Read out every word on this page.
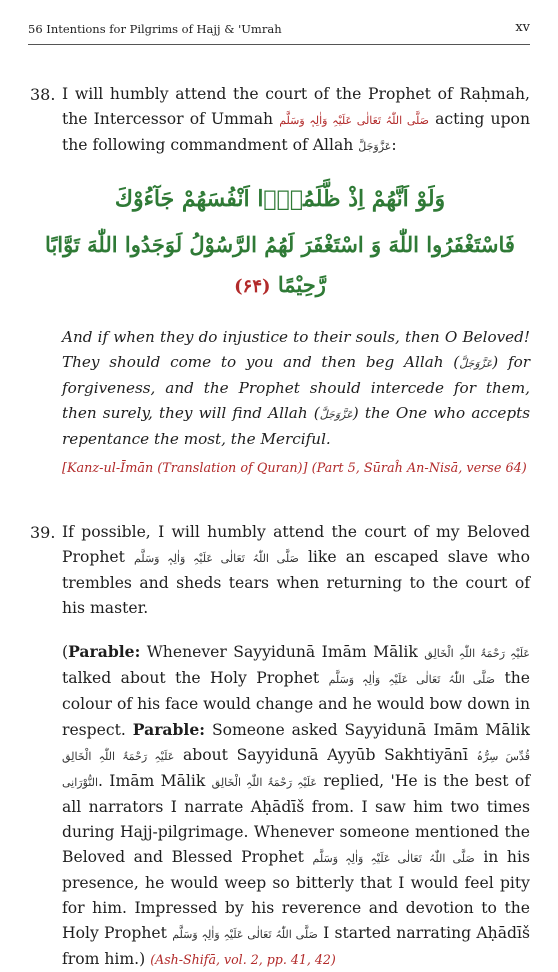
56 Intentions for Pilgrims of Hajj & 'Umrah	xv
38. I will humbly attend the court of the Prophet of Raḥmah, the Intercessor of Ummah صَلَّی اللّٰہُ تَعَالٰی عَلَیْہِ وَاٰلِہٖ وَسَلَّم acting upon the following commandment of Allah عَزَّوَجَلَّ:
وَلَوْ اَنَّهُمْ اِذْ ظَّلَمُوْۤا اَنْفُسَهُمْ جَآءُوْكَ
فَاسْتَغْفَرُوا اللّٰهَ وَ اسْتَغْفَرَ لَهُمُ الرَّسُوْلُ لَوَجَدُوا اللّٰهَ تَوَّابًا رَّحِيْمًا (۶۴)
And if when they do injustice to their souls, then O Beloved! They should come to you and then beg Allah (عَزَّوَجَلَّ) for forgiveness, and the Prophet should intercede for them, then surely, they will find Allah (عَزَّوَجَلَّ) the One who accepts repentance the most, the Merciful.
[Kanz-ul-Īmān (Translation of Quran)] (Part 5, Sūraĥ An-Nisā, verse 64)
39. If possible, I will humbly attend the court of my Beloved Prophet صَلَّی اللّٰہُ تَعَالٰی عَلَیْہِ وَاٰلِہٖ وَسَلَّم like an escaped slave who trembles and sheds tears when returning to the court of his master.
(Parable: Whenever Sayyidunā Imām Mālik عَلَیْہِ رَحْمَۃُ اللّٰہِ الْخَالِق talked about the Holy Prophet صَلَّی اللّٰہُ تَعَالٰی عَلَیْہِ وَاٰلِہٖ وَسَلَّم the colour of his face would change and he would bow down in respect. Parable: Someone asked Sayyidunā Imām Mālik عَلَیْہِ رَحْمَۃُ اللّٰہِ الْخَالِق about Sayyidunā Ayyūb Sakhtiyānī قُدِّسَ سِرُّہُ النُّوْرَانِی. Imām Mālik عَلَیْہِ رَحْمَۃُ اللّٰہِ الْخَالِق replied, 'He is the best of all narrators I narrate Aḥādīš from. I saw him two times during Hajj-pilgrimage. Whenever someone mentioned the Beloved and Blessed Prophet صَلَّی اللّٰہُ تَعَالٰی عَلَیْہِ وَاٰلِہٖ وَسَلَّم in his presence, he would weep so bitterly that I would feel pity for him. Impressed by his reverence and devotion to the Holy Prophet صَلَّی اللّٰہُ تَعَالٰی عَلَیْہِ وَاٰلِہٖ وَسَلَّم I started narrating Aḥādīš from him.) (Ash-Shifā, vol. 2, pp. 41, 42)
